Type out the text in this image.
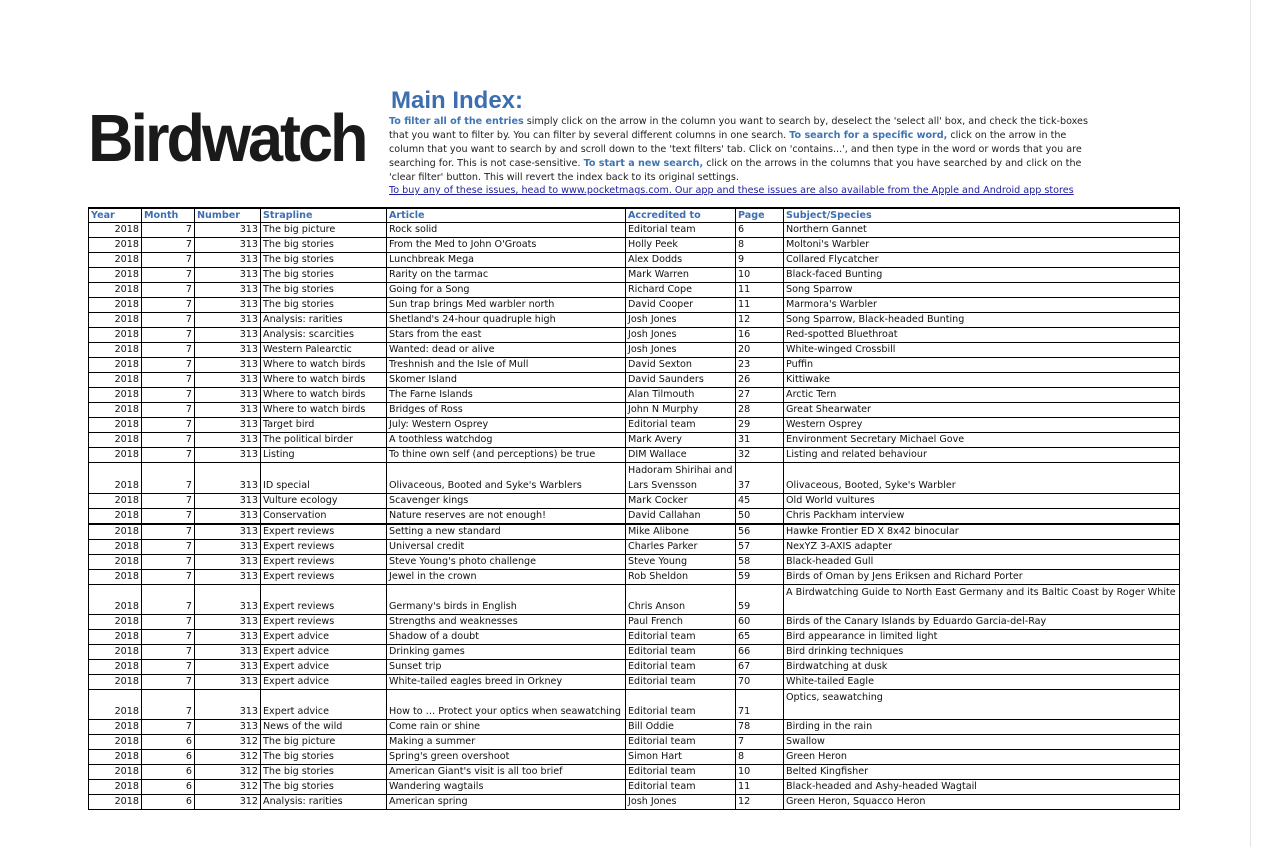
Birdwatch
Main Index:

To filter all of the entries simply click on the arrow in the column you want to search by, deselect the 'select all' box, and check the tick-boxes that you want to filter by. You can filter by several different columns in one search. To search for a specific word, click on the arrow in the column that you want to search by and scroll down to the 'text filters' tab. Click on 'contains...', and then type in the word or words that you are searching for. This is not case-sensitive. To start a new search, click on the arrows in the columns that you have searched by and click on the 'clear filter' button. This will revert the index back to its original settings.

To buy any of these issues, head to www.pocketmags.com. Our app and these issues are also available from the Apple and Android app stores
Year	Month	Number	Strapline	Article	Accredited to	Page	Subject/Species
2018	7	313	The big picture	Rock solid	Editorial team	6	Northern Gannet
2018	7	313	The big stories	From the Med to John O'Groats	Holly Peek	8	Moltoni's Warbler
2018	7	313	The big stories	Lunchbreak Mega	Alex Dodds	9	Collared Flycatcher
2018	7	313	The big stories	Rarity on the tarmac	Mark Warren	10	Black-faced Bunting
2018	7	313	The big stories	Going for a Song	Richard Cope	11	Song Sparrow
2018	7	313	The big stories	Sun trap brings Med warbler north	David Cooper	11	Marmora's Warbler
2018	7	313	Analysis: rarities	Shetland's 24-hour quadruple high	Josh Jones	12	Song Sparrow, Black-headed Bunting
2018	7	313	Analysis: scarcities	Stars from the east	Josh Jones	16	Red-spotted Bluethroat
2018	7	313	Western Palearctic	Wanted: dead or alive	Josh Jones	20	White-winged Crossbill
2018	7	313	Where to watch birds	Treshnish and the Isle of Mull	David Sexton	23	Puffin
2018	7	313	Where to watch birds	Skomer Island	David Saunders	26	Kittiwake
2018	7	313	Where to watch birds	The Farne Islands	Alan Tilmouth	27	Arctic Tern
2018	7	313	Where to watch birds	Bridges of Ross	John N Murphy	28	Great Shearwater
2018	7	313	Target bird	July: Western Osprey	Editorial team	29	Western Osprey
2018	7	313	The political birder	A toothless watchdog	Mark Avery	31	Environment Secretary Michael Gove
2018	7	313	Listing	To thine own self (and perceptions) be true	DIM Wallace	32	Listing and related behaviour
2018	7	313	ID special	Olivaceous, Booted and Syke's Warblers	Hadoram Shirihai and Lars Svensson	37	Olivaceous, Booted, Syke's Warbler
2018	7	313	Vulture ecology	Scavenger kings	Mark Cocker	45	Old World vultures
2018	7	313	Conservation	Nature reserves are not enough!	David Callahan	50	Chris Packham interview
2018	7	313	Expert reviews	Setting a new standard	Mike Alibone	56	Hawke Frontier ED X 8x42 binocular
2018	7	313	Expert reviews	Universal credit	Charles Parker	57	NexYZ 3-AXIS adapter
2018	7	313	Expert reviews	Steve Young's photo challenge	Steve Young	58	Black-headed Gull
2018	7	313	Expert reviews	Jewel in the crown	Rob Sheldon	59	Birds of Oman by Jens Eriksen and Richard Porter
2018	7	313	Expert reviews	Germany's birds in English	Chris Anson	59	A Birdwatching Guide to North East Germany and its Baltic Coast by Roger White
2018	7	313	Expert reviews	Strengths and weaknesses	Paul French	60	Birds of the Canary Islands by Eduardo Garcia-del-Ray
2018	7	313	Expert advice	Shadow of a doubt	Editorial team	65	Bird appearance in limited light
2018	7	313	Expert advice	Drinking games	Editorial team	66	Bird drinking techniques
2018	7	313	Expert advice	Sunset trip	Editorial team	67	Birdwatching at dusk
2018	7	313	Expert advice	White-tailed eagles breed in Orkney	Editorial team	70	White-tailed Eagle
2018	7	313	Expert advice	How to … Protect your optics when seawatching	Editorial team	71	Optics, seawatching
2018	7	313	News of the wild	Come rain or shine	Bill Oddie	78	Birding in the rain
2018	6	312	The big picture	Making a summer	Editorial team	7	Swallow
2018	6	312	The big stories	Spring's green overshoot	Simon Hart	8	Green Heron
2018	6	312	The big stories	American Giant's visit is all too brief	Editorial team	10	Belted Kingfisher
2018	6	312	The big stories	Wandering wagtails	Editorial team	11	Black-headed and Ashy-headed Wagtail
2018	6	312	Analysis: rarities	American spring	Josh Jones	12	Green Heron, Squacco Heron
